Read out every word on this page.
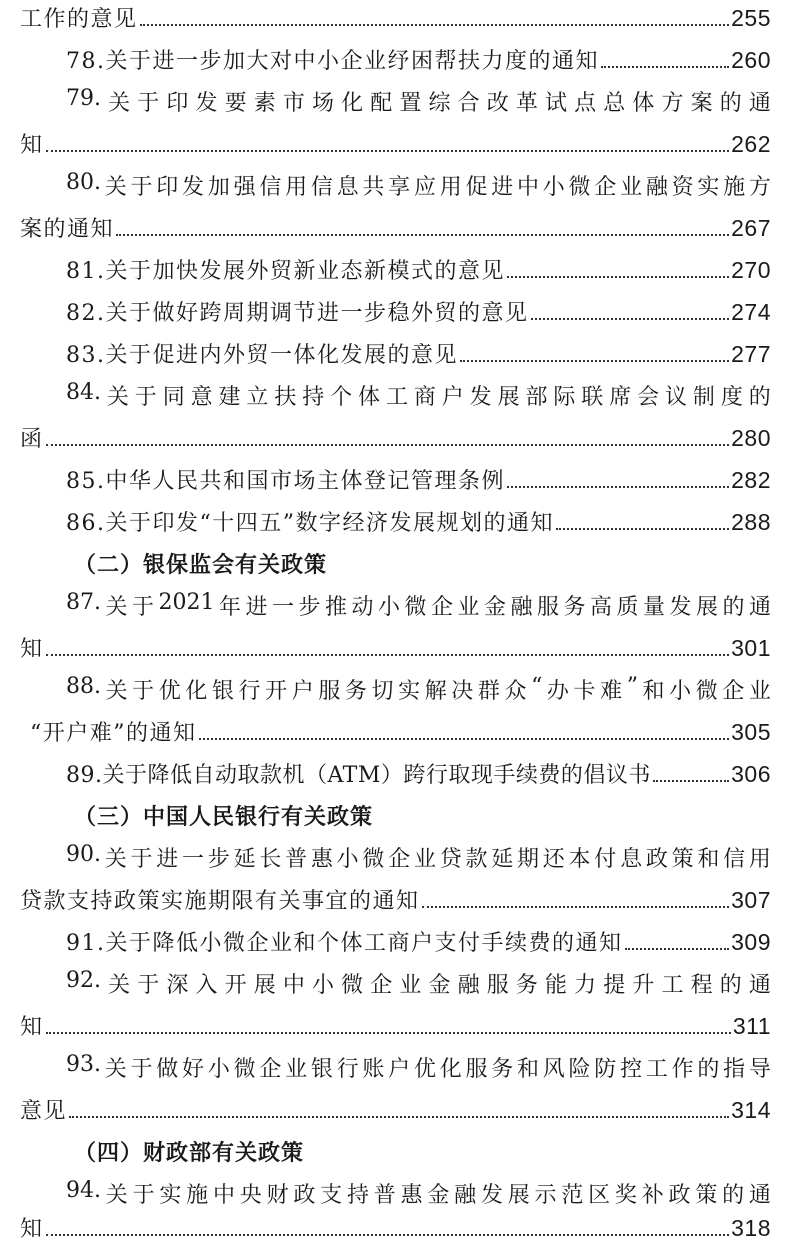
工作的意见	255
78.关于进一步加大对中小企业纾困帮扶力度的通知	260
79. 关 于 印 发 要 素 市 场 化 配 置 综 合 改 革 试 点 总 体 方 案 的 通
知	262
80. 关 于 印 发 加 强 信 用 信 息 共 享 应 用 促 进 中 小 微 企 业 融 资 实 施 方
案的通知	267
81.关于加快发展外贸新业态新模式的意见	270
82.关于做好跨周期调节进一步稳外贸的意见	274
83.关于促进内外贸一体化发展的意见	277
84. 关 于 同 意 建 立 扶 持 个 体 工 商 户 发 展 部 际 联 席 会 议 制 度 的
函	280
85.中华人民共和国市场主体登记管理条例	282
86.关于印发“十四五”数字经济发展规划的通知	288
（二）银保监会有关政策
87. 关 于 2021 年 进 一 步 推 动 小 微 企 业 金 融 服 务 高 质 量 发 展 的 通
知	301
88. 关 于 优 化 银 行 开 户 服 务 切 实 解 决 群 众 “ 办 卡 难 ” 和 小 微 企 业
“开户难”的通知	305
89.关于降低自动取款机（ATM）跨行取现手续费的倡议书	306
（三）中国人民银行有关政策
90. 关 于 进 一 步 延 长 普 惠 小 微 企 业 贷 款 延 期 还 本 付 息 政 策 和 信 用
贷款支持政策实施期限有关事宜的通知	307
91.关于降低小微企业和个体工商户支付手续费的通知	309
92. 关 于 深 入 开 展 中 小 微 企 业 金 融 服 务 能 力 提 升 工 程 的 通
知	311
93. 关 于 做 好 小 微 企 业 银 行 账 户 优 化 服 务 和 风 险 防 控 工 作 的 指 导
意见	314
（四）财政部有关政策
94. 关 于 实 施 中 央 财 政 支 持 普 惠 金 融 发 展 示 范 区 奖 补 政 策 的 通
知	318
